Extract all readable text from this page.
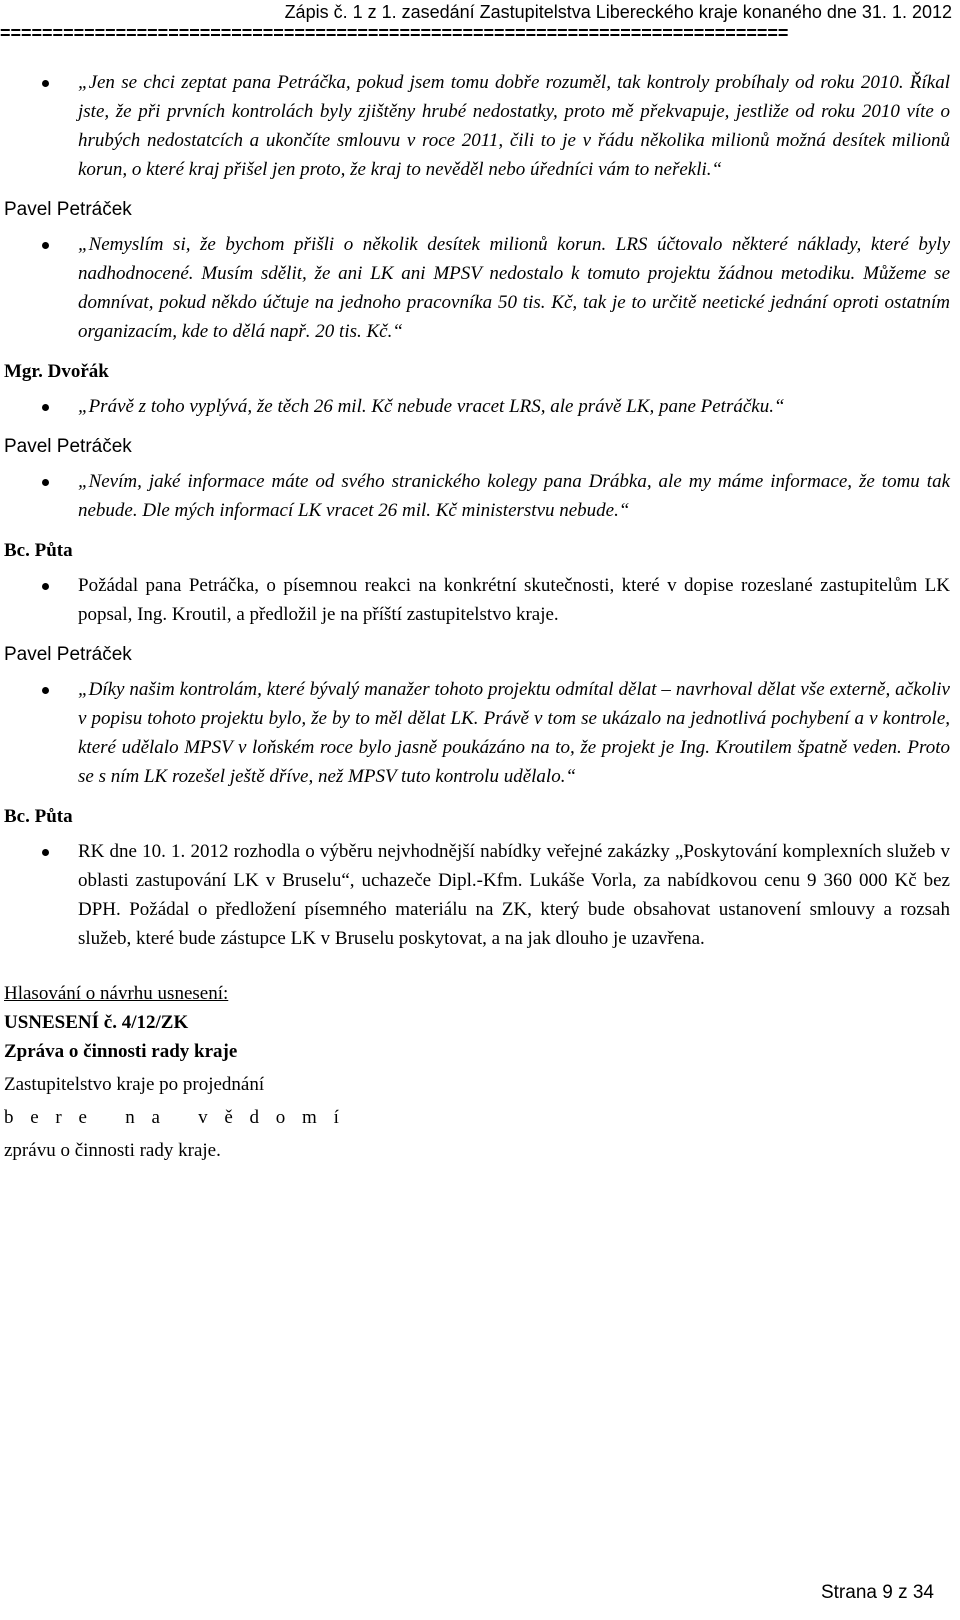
Zápis č. 1 z 1. zasedání Zastupitelstva Libereckého kraje konaného dne 31. 1. 2012
===========================================================================
„Jen se chci zeptat pana Petráčka, pokud jsem tomu dobře rozuměl, tak kontroly probíhaly od roku 2010. Říkal jste, že při prvních kontrolách byly zjištěny hrubé nedostatky, proto mě překvapuje, jestliže od roku 2010 víte o hrubých nedostatcích a ukončíte smlouvu v roce 2011, čili to je v řádu několika milionů možná desítek milionů korun, o které kraj přišel jen proto, že kraj to nevěděl nebo úředníci vám to neřekli.“
Pavel Petráček
„Nemyslím si, že bychom přišli o několik desítek milionů korun. LRS účtovalo některé náklady, které byly nadhodnocené. Musím sdělit, že ani LK ani MPSV nedostalo k tomuto projektu žádnou metodiku. Můžeme se domnívat, pokud někdo účtuje na jednoho pracovníka 50 tis. Kč, tak je to určitě neetické jednání oproti ostatním organizacím, kde to dělá např. 20 tis. Kč.“
Mgr. Dvořák
„Právě z toho vyplývá, že těch 26 mil. Kč nebude vracet LRS, ale právě LK, pane Petráčku.“
Pavel Petráček
„Nevím, jaké informace máte od svého stranického kolegy pana Drábka, ale my máme informace, že tomu tak nebude. Dle mých informací LK vracet 26 mil. Kč ministerstvu nebude.“
Bc. Půta
Požádal pana Petráčka, o písemnou reakci na konkrétní skutečnosti, které v dopise rozeslané zastupitelům LK popsal, Ing. Kroutil, a předložil je na příští zastupitelstvo kraje.
Pavel Petráček
„Díky našim kontrolám, které bývalý manažer tohoto projektu odmítal dělat – navrhoval dělat vše externě, ačkoliv v popisu tohoto projektu bylo, že by to měl dělat LK. Právě v tom se ukázalo na jednotlivá pochybení a v kontrole, které udělalo MPSV v loňském roce bylo jasně poukázáno na to, že projekt je Ing. Kroutilem špatně veden. Proto se s ním LK rozešel ještě dříve, než MPSV tuto kontrolu udělalo.“
Bc. Půta
RK dne 10. 1. 2012 rozhodla o výběru nejvhodnější nabídky veřejné zakázky „Poskytování komplexních služeb v oblasti zastupování LK v Bruselu“, uchazeče Dipl.-Kfm. Lukáše Vorla, za nabídkovou cenu 9 360 000 Kč bez DPH. Požádal o předložení písemného materiálu na ZK, který bude obsahovat ustanovení smlouvy a rozsah služeb, které bude zástupce LK v Bruselu poskytovat, a na jak dlouho je uzavřena.

Hlasování o návrhu usnesení:

USNESENÍ č. 4/12/ZK

Zpráva o činnosti rady kraje

Zastupitelstvo kraje po projednání

b e r e   n a   v ě d o m í

zprávu o činnosti rady kraje.

Strana 9 z 34
